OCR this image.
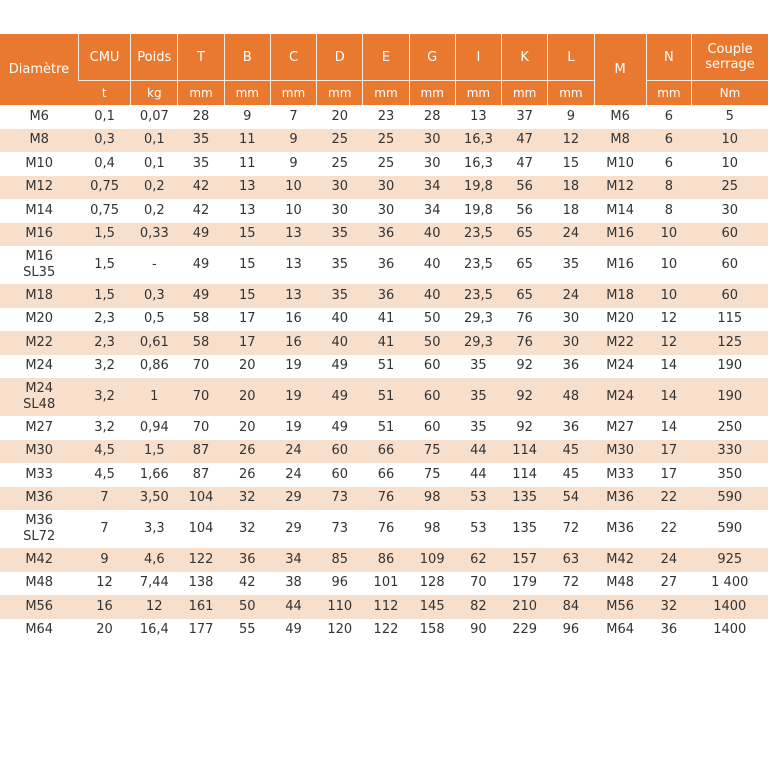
Diamètre	CMU	Poids	T	B	C	D	E	G	I	K	L	M	N	Couple
serrage
	t	kg	mm	mm	mm	mm	mm	mm	mm	mm	mm		mm	Nm
M6	0,1	0,07	28	9	7	20	23	28	13	37	9	M6	6	5
M8	0,3	0,1	35	11	9	25	25	30	16,3	47	12	M8	6	10
M10	0,4	0,1	35	11	9	25	25	30	16,3	47	15	M10	6	10
M12	0,75	0,2	42	13	10	30	30	34	19,8	56	18	M12	8	25
M14	0,75	0,2	42	13	10	30	30	34	19,8	56	18	M14	8	30
M16	1,5	0,33	49	15	13	35	36	40	23,5	65	24	M16	10	60
M16
SL35	1,5	-	49	15	13	35	36	40	23,5	65	35	M16	10	60
M18	1,5	0,3	49	15	13	35	36	40	23,5	65	24	M18	10	60
M20	2,3	0,5	58	17	16	40	41	50	29,3	76	30	M20	12	115
M22	2,3	0,61	58	17	16	40	41	50	29,3	76	30	M22	12	125
M24	3,2	0,86	70	20	19	49	51	60	35	92	36	M24	14	190
M24
SL48	3,2	1	70	20	19	49	51	60	35	92	48	M24	14	190
M27	3,2	0,94	70	20	19	49	51	60	35	92	36	M27	14	250
M30	4,5	1,5	87	26	24	60	66	75	44	114	45	M30	17	330
M33	4,5	1,66	87	26	24	60	66	75	44	114	45	M33	17	350
M36	7	3,50	104	32	29	73	76	98	53	135	54	M36	22	590
M36
SL72	7	3,3	104	32	29	73	76	98	53	135	72	M36	22	590
M42	9	4,6	122	36	34	85	86	109	62	157	63	M42	24	925
M48	12	7,44	138	42	38	96	101	128	70	179	72	M48	27	1 400
M56	16	12	161	50	44	110	112	145	82	210	84	M56	32	1400
M64	20	16,4	177	55	49	120	122	158	90	229	96	M64	36	1400
